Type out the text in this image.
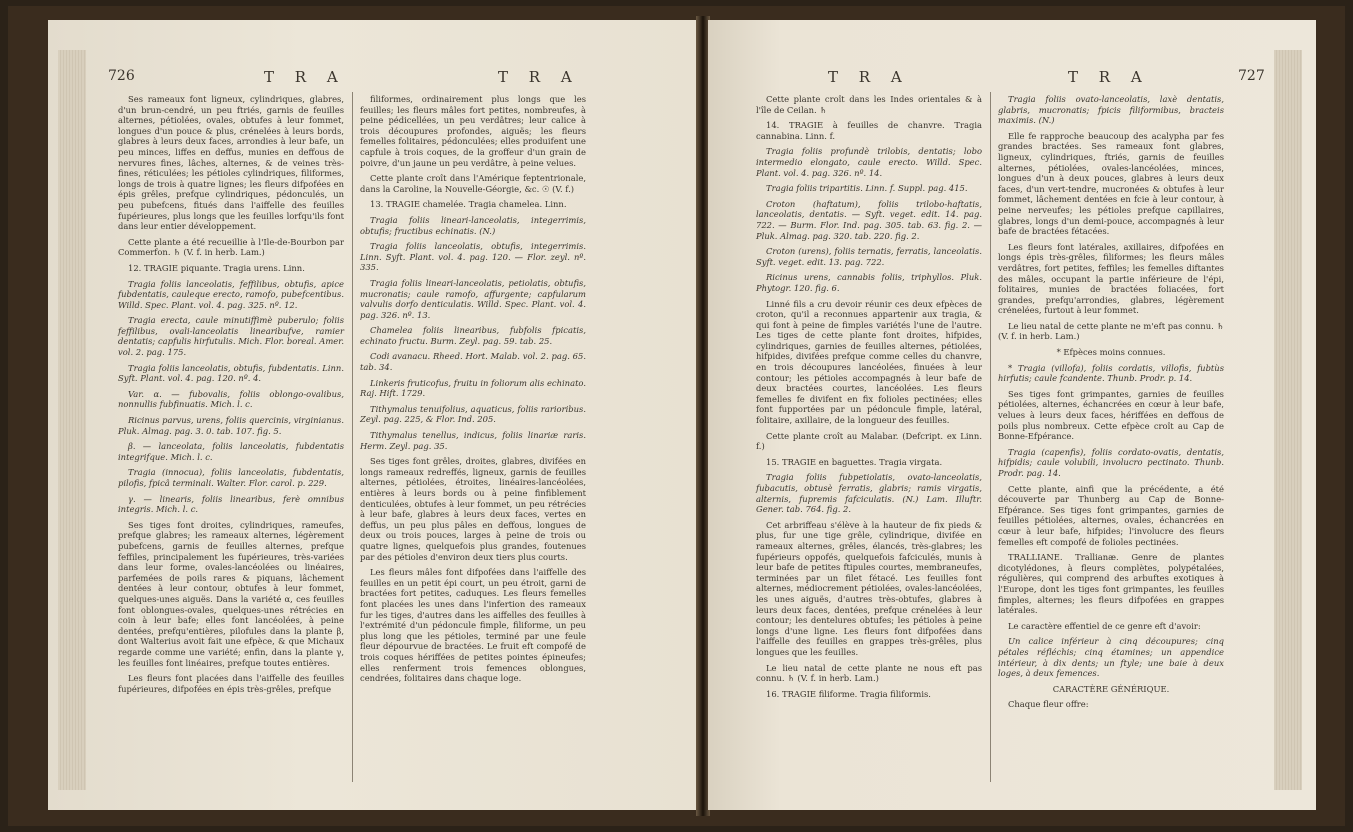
726	T R A	T R A

Ses rameaux font ligneux, cylindriques, glabres, d'un brun-cendré, un peu ftriés, garnis de feuilles alternes, pétiolées, ovales, obtufes à leur fommet, longues d'un pouce & plus, crénelées à leurs bords, glabres à leurs deux faces, arrondies à leur bafe, un peu minces, liffes en deffus, munies en deffous de nervures fines, lâches, alternes, & de veines très-fines, réticulées; les pétioles cylindriques, filiformes, longs de trois à quatre lignes; les fleurs difpofées en épis grêles, prefque cylindriques, pédonculés, un peu pubefcens, fitués dans l'aiffelle des feuilles fupérieures, plus longs que les feuilles lorfqu'ils font dans leur entier développement.

Cette plante a été recueillie à l'Ile-de-Bourbon par Commerfon. ♄ (V. f. in herb. Lam.)

12. TRAGIE piquante. Tragia urens. Linn.

Tragia foliis lanceolatis, feffilibus, obtufis, apice fubdentatis, cauleque erecto, ramofo, pubefcentibus. Willd. Spec. Plant. vol. 4. pag. 325. nº. 12.

Tragia erecta, caule minutiffimè puberulo; foliis feffilibus, ovali-lanceolatis linearibufve, ramier dentatis; capfulis hirfutulis. Mich. Flor. boreal. Amer. vol. 2. pag. 175.

Tragia foliis lanceolatis, obtufis, fubdentatis. Linn. Syft. Plant. vol. 4. pag. 120. nº. 4.

Var. α. — fubovalis, foliis oblongo-ovalibus, nonnullis fubfinuatis. Mich. l. c.

Ricinus parvus, urens, foliis quercinis, virginianus. Pluk. Almag. pag. 3. 0. tab. 107. fig. 5.

β. — lanceolata, foliis lanceolatis, fubdentatis integrifque. Mich. l. c.

Tragia (innocua), foliis lanceolatis, fubdentatis, pilofis, fpicâ terminali. Walter. Flor. carol. p. 229.

γ. — linearis, foliis linearibus, ferè omnibus integris. Mich. l. c.

Ses tiges font droites, cylindriques, rameufes, prefque glabres; les rameaux alternes, légèrement pubefcens, garnis de feuilles alternes, prefque feffiles, principalement les fupérieures, très-variées dans leur forme, ovales-lancéolées ou linéaires, parfemées de poils rares & piquans, lâchement dentées à leur contour, obtufes à leur fommet, quelques-unes aiguës. Dans la variété α, ces feuilles font oblongues-ovales, quelques-unes rétrécies en coin à leur bafe; elles font lancéolées, à peine dentées, prefqu'entières, pilofules dans la plante β, dont Walterius avoit fait une efpèce, & que Michaux regarde comme une variété; enfin, dans la plante γ, les feuilles font linéaires, prefque toutes entières.

Les fleurs font placées dans l'aiffelle des feuilles fupérieures, difpofées en épis très-grêles, prefque

filiformes, ordinairement plus longs que les feuilles; les fleurs mâles fort petites, nombreufes, à peine pédicellées, un peu verdâtres; leur calice à trois découpures profondes, aiguës; les fleurs femelles folitaires, pédonculées; elles produifent une capfule à trois coques, de la groffeur d'un grain de poivre, d'un jaune un peu verdâtre, à peine velues.

Cette plante croît dans l'Amérique feptentrionale, dans la Caroline, la Nouvelle-Géorgie, &c. ☉ (V. f.)

13. TRAGIE chamelée. Tragia chamelea. Linn.

Tragia foliis lineari-lanceolatis, integerrimis, obtufis; fructibus echinatis. (N.)

Tragia foliis lanceolatis, obtufis, integerrimis. Linn. Syft. Plant. vol. 4. pag. 120. — Flor. zeyl. nº. 335.

Tragia foliis lineari-lanceolatis, petiolatis, obtufis, mucronatis; caule ramofo, affurgente; capfularum valvulis dorfo denticulatis. Willd. Spec. Plant. vol. 4. pag. 326. nº. 13.

Chamelea foliis linearibus, fubfolis fpicatis, echinato fructu. Burm. Zeyl. pag. 59. tab. 25.

Codi avanacu. Rheed. Hort. Malab. vol. 2. pag. 65. tab. 34.

Linkeris fruticofus, fruitu in foliorum alis echinato. Raj. Hift. 1729.

Tithymalus tenuifolius, aquaticus, foliis rarioribus. Zeyl. pag. 225, & Flor. Ind. 205.

Tithymalus tenellus, indicus, foliis linariæ raris. Herm. Zeyl. pag. 35.

Ses tiges font grêles, droites, glabres, divifées en longs rameaux redreffés, ligneux, garnis de feuilles alternes, pétiolées, étroites, linéaires-lancéolées, entières à leurs bords ou à peine finfiblement denticulées, obtufes à leur fommet, un peu rétrécies à leur bafe, glabres à leurs deux faces, vertes en deffus, un peu plus pâles en deffous, longues de deux ou trois pouces, larges à peine de trois ou quatre lignes, quelquefois plus grandes, foutenues par des pétioles d'environ deux tiers plus courts.

Les fleurs mâles font difpofées dans l'aiffelle des feuilles en un petit épi court, un peu étroit, garni de bractées fort petites, caduques. Les fleurs femelles font placées les unes dans l'infertion des rameaux fur les tiges, d'autres dans les aiffelles des feuilles à l'extrémité d'un pédoncule fimple, filiforme, un peu plus long que les pétioles, terminé par une feule fleur dépourvue de bractées. Le fruit eft compofé de trois coques hériffées de petites pointes épineufes; elles renferment trois femences oblongues, cendrées, folitaires dans chaque loge.

T R A	T R A	727

Cette plante croît dans les Indes orientales & à l'île de Ceilan. ♄

14. TRAGIE à feuilles de chanvre. Tragia cannabina. Linn. f.

Tragia foliis profundè trilobis, dentatis; lobo intermedio elongato, caule erecto. Willd. Spec. Plant. vol. 4. pag. 326. nº. 14.

Tragia foliis tripartitis. Linn. f. Suppl. pag. 415.

Croton (haftatum), foliis trilobo-haftatis, lanceolatis, dentatis. — Syft. veget. edit. 14. pag. 722. — Burm. Flor. Ind. pag. 305. tab. 63. fig. 2. — Pluk. Almag. pag. 320. tab. 220. fig. 2.

Croton (urens), foliis ternatis, ferratis, lanceolatis. Syft. veget. edit. 13. pag. 722.

Ricinus urens, cannabis foliis, triphyllos. Pluk. Phytogr. 120. fig. 6.

Linné fils a cru devoir réunir ces deux efpèces de croton, qu'il a reconnues appartenir aux tragia, & qui font à peine de fimples variétés l'une de l'autre. Les tiges de cette plante font droites, hifpides, cylindriques, garnies de feuilles alternes, pétiolées, hifpides, divifées prefque comme celles du chanvre, en trois découpures lancéolées, finuées à leur contour; les pétioles accompagnés à leur bafe de deux bractées courtes, lancéolées. Les fleurs femelles fe divifent en fix folioles pectinées; elles font fupportées par un pédoncule fimple, latéral, folitaire, axillaire, de la longueur des feuilles.

Cette plante croît au Malabar. (Defcript. ex Linn. f.)

15. TRAGIE en baguettes. Tragia virgata.

Tragia foliis fubpetiolatis, ovato-lanceolatis, fubacutis, obtusè ferratis, glabris; ramis virgatis, alternis, fupremis fafciculatis. (N.) Lam. Illuftr. Gener. tab. 764. fig. 2.

Cet arbriffeau s'élève à la hauteur de fix pieds & plus, fur une tige grêle, cylindrique, divifée en rameaux alternes, grêles, élancés, très-glabres; les fupérieurs oppofés, quelquefois fafciculés, munis à leur bafe de petites ftipules courtes, membraneufes, terminées par un filet fétacé. Les feuilles font alternes, médiocrement pétiolées, ovales-lancéolées, les unes aiguës, d'autres très-obtufes, glabres à leurs deux faces, dentées, prefque crénelées à leur contour; les dentelures obtufes; les pétioles à peine longs d'une ligne. Les fleurs font difpofées dans l'aiffelle des feuilles en grappes très-grêles, plus longues que les feuilles.

Le lieu natal de cette plante ne nous eft pas connu. ♄ (V. f. in herb. Lam.)

16. TRAGIE filiforme. Tragia filiformis.

Tragia foliis ovato-lanceolatis, laxè dentatis, glabris, mucronatis; fpicis filiformibus, bracteis maximis. (N.)

Elle fe rapproche beaucoup des acalypha par fes grandes bractées. Ses rameaux font glabres, ligneux, cylindriques, ftriés, garnis de feuilles alternes, pétiolées, ovales-lancéolées, minces, longues d'un à deux pouces, glabres à leurs deux faces, d'un vert-tendre, mucronées & obtufes à leur fommet, lâchement dentées en fcie à leur contour, à peine nerveufes; les pétioles prefque capillaires, glabres, longs d'un demi-pouce, accompagnés à leur bafe de bractées fétacées.

Les fleurs font latérales, axillaires, difpofées en longs épis très-grêles, filiformes; les fleurs mâles verdâtres, fort petites, feffiles; les femelles diftantes des mâles, occupant la partie inférieure de l'épi, folitaires, munies de bractées foliacées, fort grandes, prefqu'arrondies, glabres, légèrement crénelées, furtout à leur fommet.

Le lieu natal de cette plante ne m'eft pas connu. ♄ (V. f. in herb. Lam.)

* Efpèces moins connues.

* Tragia (villofa), foliis cordatis, villofis, fubtùs hirfutis; caule fcandente. Thunb. Prodr. p. 14.

Ses tiges font grimpantes, garnies de feuilles pétiolées, alternes, échancrées en cœur à leur bafe, velues à leurs deux faces, hériffées en deffous de poils plus nombreux. Cette efpèce croît au Cap de Bonne-Efpérance.

Tragia (capenfis), foliis cordato-ovatis, dentatis, hifpidis; caule volubili, involucro pectinato. Thunb. Prodr. pag. 14.

Cette plante, ainfi que la précédente, a été découverte par Thunberg au Cap de Bonne-Efpérance. Ses tiges font grimpantes, garnies de feuilles pétiolées, alternes, ovales, échancrées en cœur à leur bafe, hifpides; l'involucre des fleurs femelles eft compofé de folioles pectinées.

TRALLIANE. Trallianæ. Genre de plantes dicotylédones, à fleurs complètes, polypétalées, régulières, qui comprend des arbuftes exotiques à l'Europe, dont les tiges font grimpantes, les feuilles fimples, alternes; les fleurs difpofées en grappes latérales.

Le caractère effentiel de ce genre eft d'avoir:

Un calice inférieur à cinq découpures; cinq pétales réfléchis; cinq étamines; un appendice intérieur, à dix dents; un ftyle; une baie à deux loges, à deux femences.

CARACTÈRE GÉNÉRIQUE.

Chaque fleur offre:
